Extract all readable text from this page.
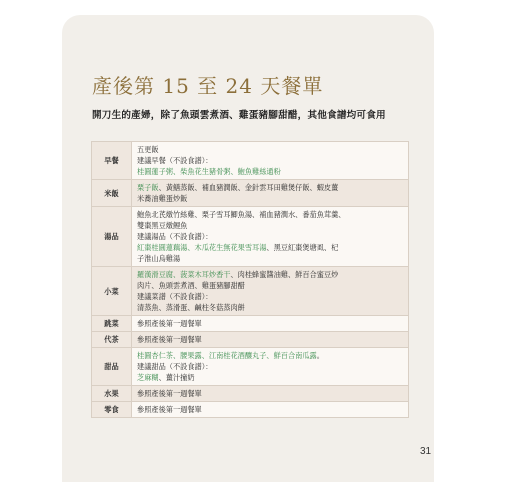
產後第 15 至 24 天餐單

開刀生的產婦，除了魚頭雲煮酒、雞蛋豬腳甜醋，其他食譜均可食用

早餐	五更飯
建議早餐（不設食譜）：
桂圓蓮子粥、柴魚花生豬骨粥、鮑魚雞絲通粉

米飯	栗子飯、黃鱔蒸飯、補血豬潤飯、金針雲耳田雞煲仔飯、蝦皮薑
米蕎油雞蛋炒飯

湯品	鮑魚北芪燉竹絲雞、栗子雪耳鯽魚湯、補血豬潤水、番茄魚茸羹、
雙棗黑豆燉鯉魚
建議湯品（不設食譜）：
紅棗桂圓蓮藕湯、木瓜花生無花果雪耳湯、黑豆紅棗煲塘虱、杞
子淮山烏雞湯

小菜	羅漢滑豆腐、菠菜木耳炒香干、肉桂蜂蜜醬油雞、鮮百合蜜豆炒
肉片、魚頭雲煮酒、雞蛋豬腳甜醋
建議菜譜（不設食譜）：
清蒸魚、蒸滑蛋、鹹柱冬菇蒸肉餅

跳菜	參照產後第一週餐單

代茶	參照產後第一週餐單

甜品	桂圓杏仁茶、腰果露、江南桂花酒釀丸子、鮮百合南瓜露。
建議甜品（不設食譜）：
芝麻糊、薑汁撞奶

水果	參照產後第一週餐單

零食	參照產後第一週餐單
31
